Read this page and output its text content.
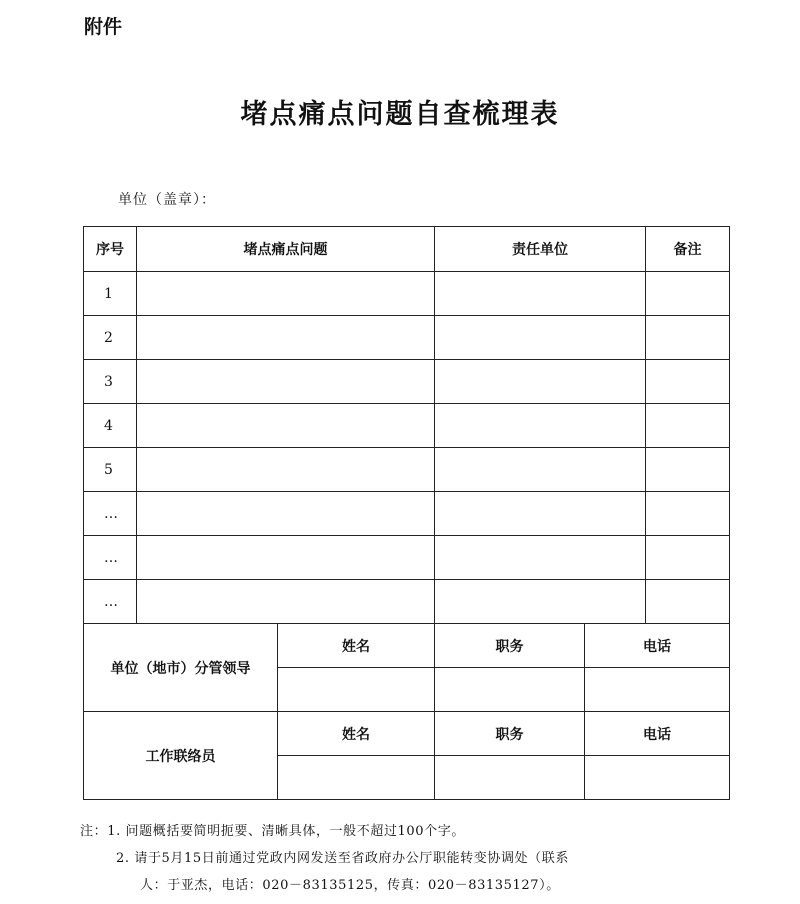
附件
堵点痛点问题自查梳理表
单位（盖章）：
序号	堵点痛点问题		责任单位		备注
1					
2					
3					
4					
5					
…					
…					
…					
单位（地市）分管领导		姓名	职务	电话	

工作联络员		姓名	职务	电话	

注：1. 问题概括要简明扼要、清晰具体，一般不超过100个字。
2. 请于5月15日前通过党政内网发送至省政府办公厅职能转变协调处（联系
人：于亚杰，电话：020－83135125，传真：020－83135127）。
